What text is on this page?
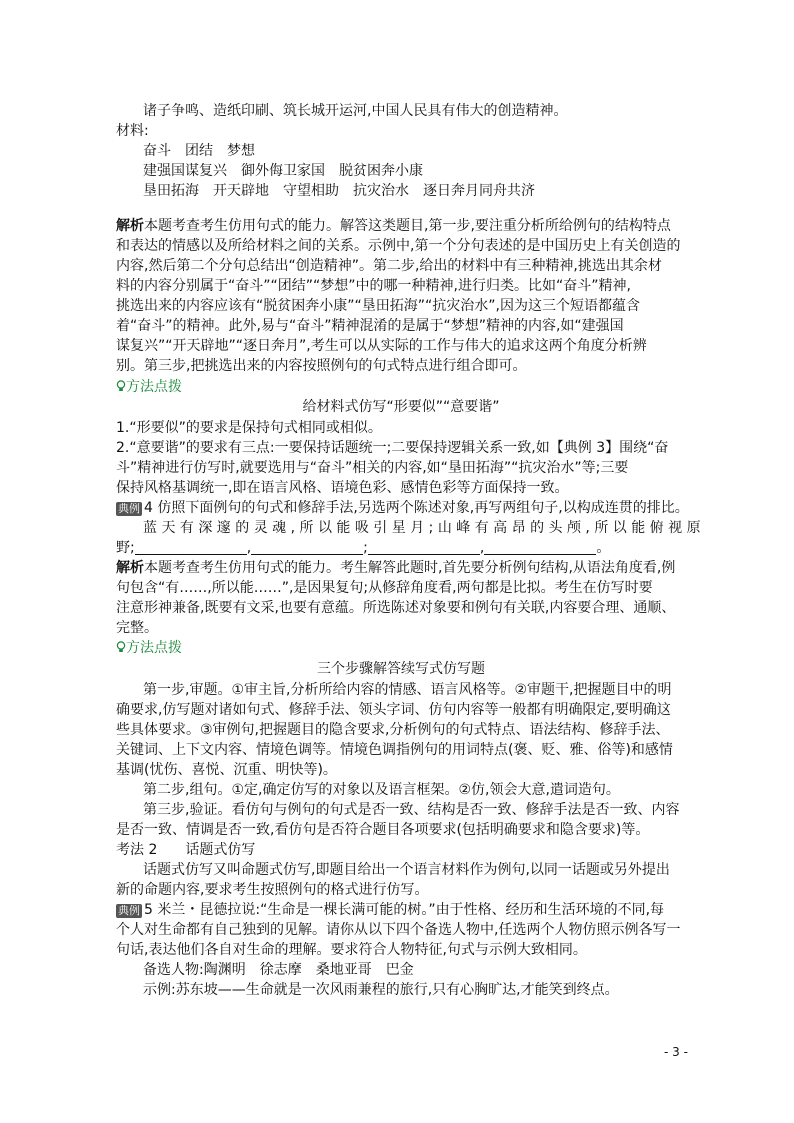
诸子争鸣、造纸印刷、筑长城开运河,中国人民具有伟大的创造精神。
材料:
奋斗　团结　梦想
建强国谋复兴　御外侮卫家国　脱贫困奔小康
垦田拓海　开天辟地　守望相助　抗灾治水　逐日奔月同舟共济
解析本题考查考生仿用句式的能力。解答这类题目,第一步,要注重分析所给例句的结构特点
和表达的情感以及所给材料之间的关系。示例中,第一个分句表述的是中国历史上有关创造的
内容,然后第二个分句总结出“创造精神”。第二步,给出的材料中有三种精神,挑选出其余材
料的内容分别属于“奋斗”“团结”“梦想”中的哪一种精神,进行归类。比如“奋斗”精神,
挑选出来的内容应该有“脱贫困奔小康”“垦田拓海”“抗灾治水”,因为这三个短语都蕴含
着“奋斗”的精神。此外,易与“奋斗”精神混淆的是属于“梦想”精神的内容,如“建强国
谋复兴”“开天辟地”“逐日奔月”,考生可以从实际的工作与伟大的追求这两个角度分析辨
别。第三步,把挑选出来的内容按照例句的句式特点进行组合即可。
方法点拨
给材料式仿写“形要似”“意要谐”
1.“形要似”的要求是保持句式相同或相似。
2.“意要谐”的要求有三点:一要保持话题统一;二要保持逻辑关系一致,如【典例 3】围绕“奋
斗”精神进行仿写时,就要选用与“奋斗”相关的内容,如“垦田拓海”“抗灾治水”等;三要
保持风格基调统一,即在语言风格、语境色彩、感情色彩等方面保持一致。
典例 4 仿照下面例句的句式和修辞手法,另选两个陈述对象,再写两组句子,以构成连贯的排比。
蓝 天 有 深 邃 的 灵 魂 , 所 以 能 吸 引 星 月 ; 山 峰 有 高 昂 的 头 颅 , 所 以 能 俯 视 原
野;	,	;	,	。
解析本题考查考生仿用句式的能力。考生解答此题时,首先要分析例句结构,从语法角度看,例
句包含“有……,所以能……”,是因果复句;从修辞角度看,两句都是比拟。考生在仿写时要
注意形神兼备,既要有文采,也要有意蕴。所选陈述对象要和例句有关联,内容要合理、通顺、
完整。
方法点拨
三个步骤解答续写式仿写题
第一步,审题。①审主旨,分析所给内容的情感、语言风格等。②审题干,把握题目中的明
确要求,仿写题对诸如句式、修辞手法、领头字词、仿句内容等一般都有明确限定,要明确这
些具体要求。③审例句,把握题目的隐含要求,分析例句的句式特点、语法结构、修辞手法、
关键词、上下文内容、情境色调等。情境色调指例句的用词特点(褒、贬、雅、俗等)和感情
基调(忧伤、喜悦、沉重、明快等)。
第二步,组句。①定,确定仿写的对象以及语言框架。②仿,领会大意,遣词造句。
第三步,验证。看仿句与例句的句式是否一致、结构是否一致、修辞手法是否一致、内容
是否一致、情调是否一致,看仿句是否符合题目各项要求(包括明确要求和隐含要求)等。
考法 2　　话题式仿写
话题式仿写又叫命题式仿写,即题目给出一个语言材料作为例句,以同一话题或另外提出
新的命题内容,要求考生按照例句的格式进行仿写。
典例 5 米兰・昆德拉说:“生命是一棵长满可能的树。”由于性格、经历和生活环境的不同,每
个人对生命都有自己独到的见解。请你从以下四个备选人物中,任选两个人物仿照示例各写一
句话,表达他们各自对生命的理解。要求符合人物特征,句式与示例大致相同。
备选人物:陶渊明　徐志摩　桑地亚哥　巴金
示例:苏东坡——生命就是一次风雨兼程的旅行,只有心胸旷达,才能笑到终点。
- 3 -
